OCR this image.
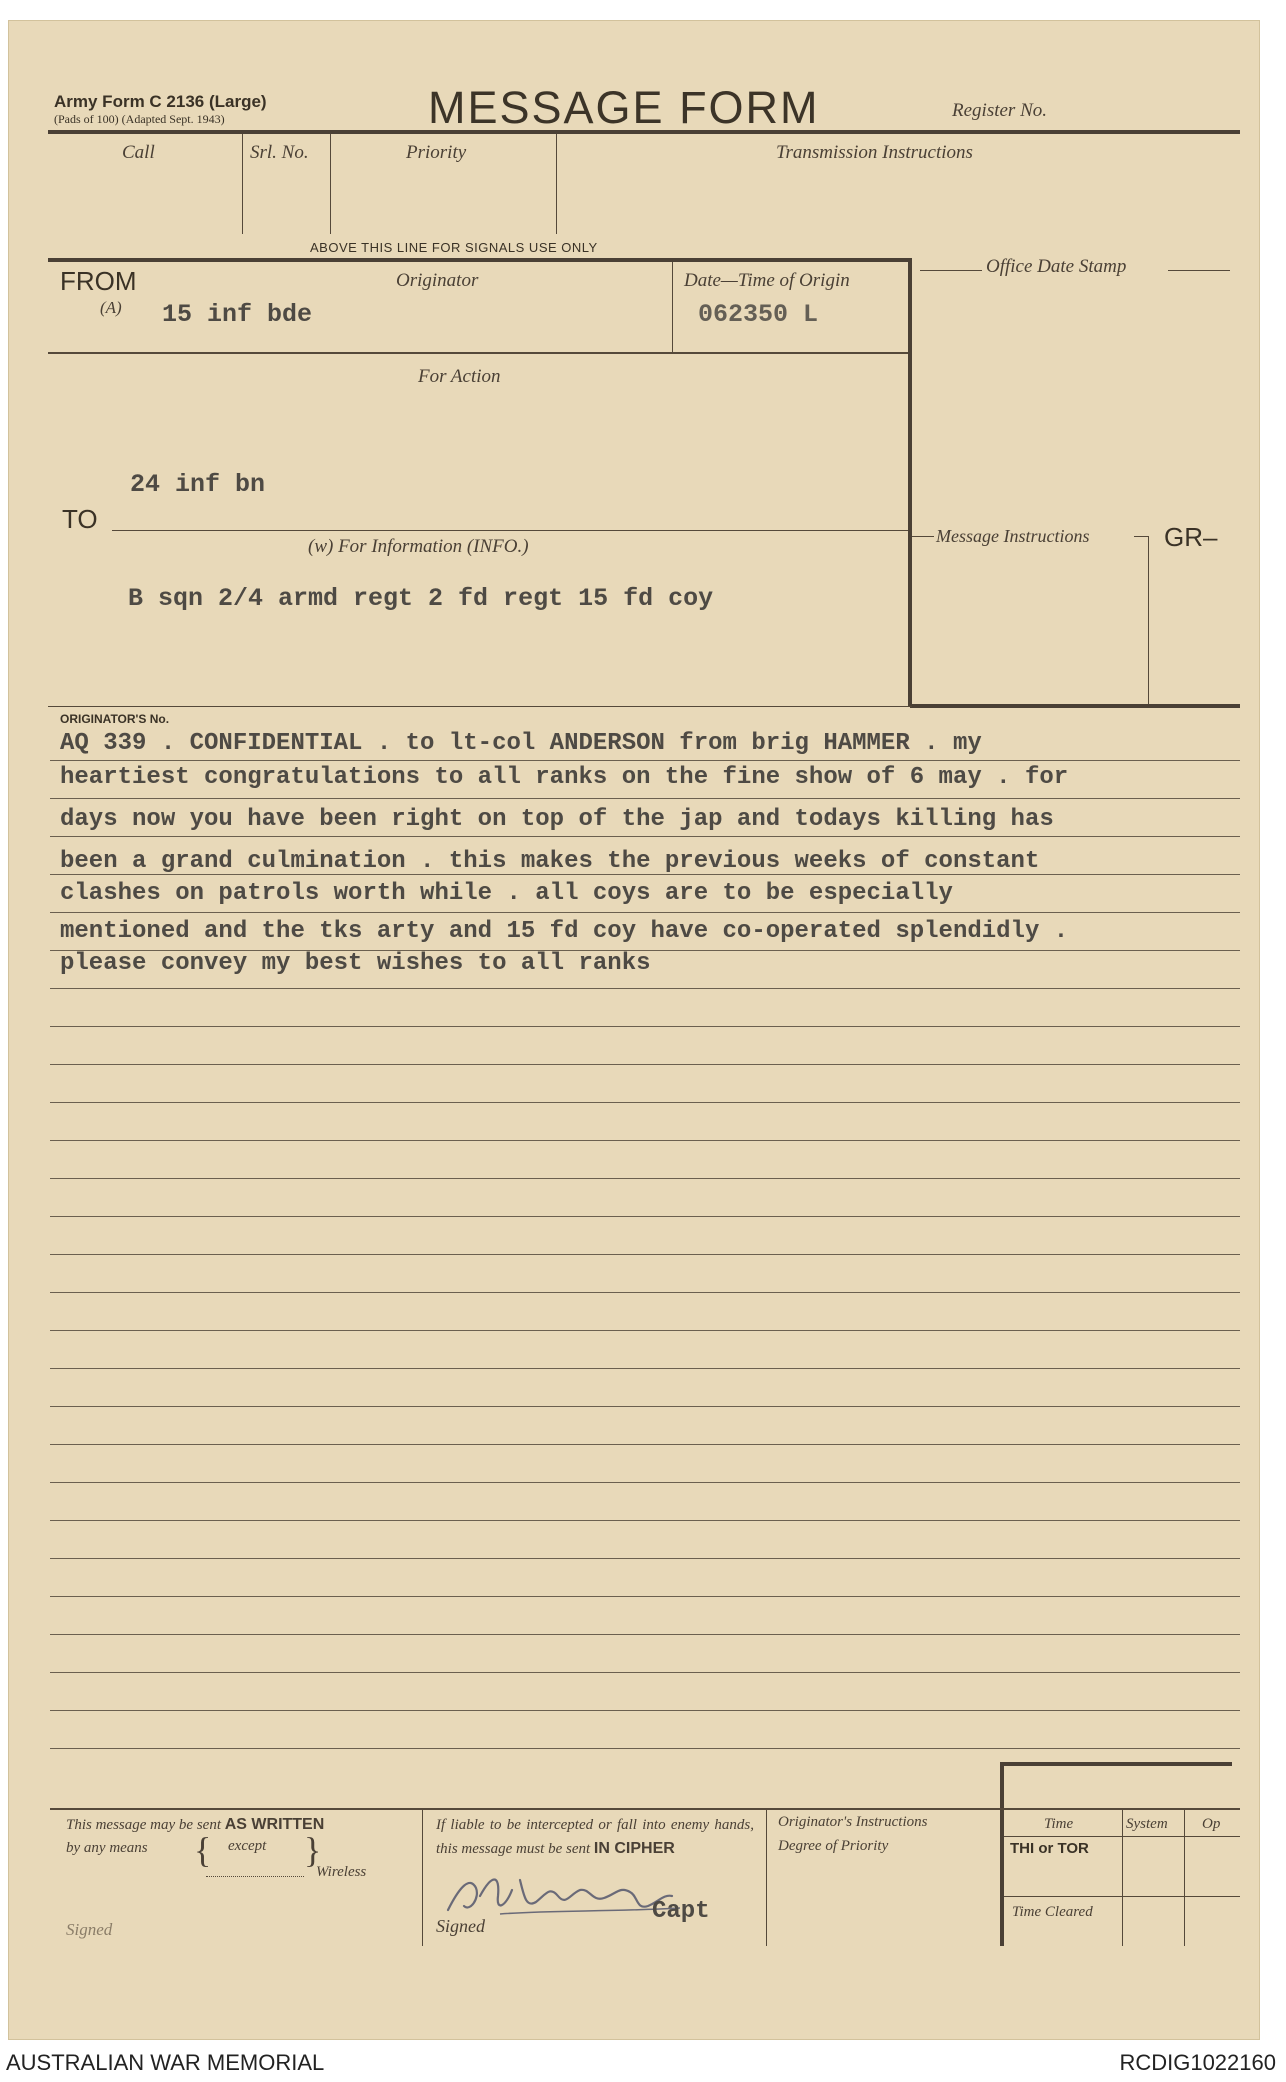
Army Form C 2136 (Large)
(Pads of 100) (Adapted Sept. 1943)	MESSAGE FORM	Register No.
Call	Srl. No.	Priority	Transmission Instructions
ABOVE THIS LINE FOR SIGNALS USE ONLY
FROM
(A)
Originator
15 inf bde
Date—Time of Origin
062350 L
Office Date Stamp
For Action
24 inf bn
TO
(w) For Information (INFO.)
B sqn 2/4 armd regt 2 fd regt 15 fd coy
Message Instructions	GR–
ORIGINATOR'S No.
AQ 339 . CONFIDENTIAL . to lt-col ANDERSON from brig HAMMER . my
heartiest congratulations to all ranks on the fine show of 6 may . for
days now you have been right on top of the jap and todays killing has
been a grand culmination . this makes the previous weeks of constant
clashes on patrols worth while . all coys are to be especially
mentioned and the tks arty and 15 fd coy have co-operated splendidly .
please convey my best wishes to all ranks
This message may be sent AS WRITTEN
by any means { except }
Wireless
Signed
If liable to be intercepted or fall into enemy hands, this message must be sent IN CIPHER
Signed
Capt
Originator's Instructions
Degree of Priority
Time	System Op
THI or TOR
Time Cleared
AUSTRALIAN WAR MEMORIAL	RCDIG1022160
